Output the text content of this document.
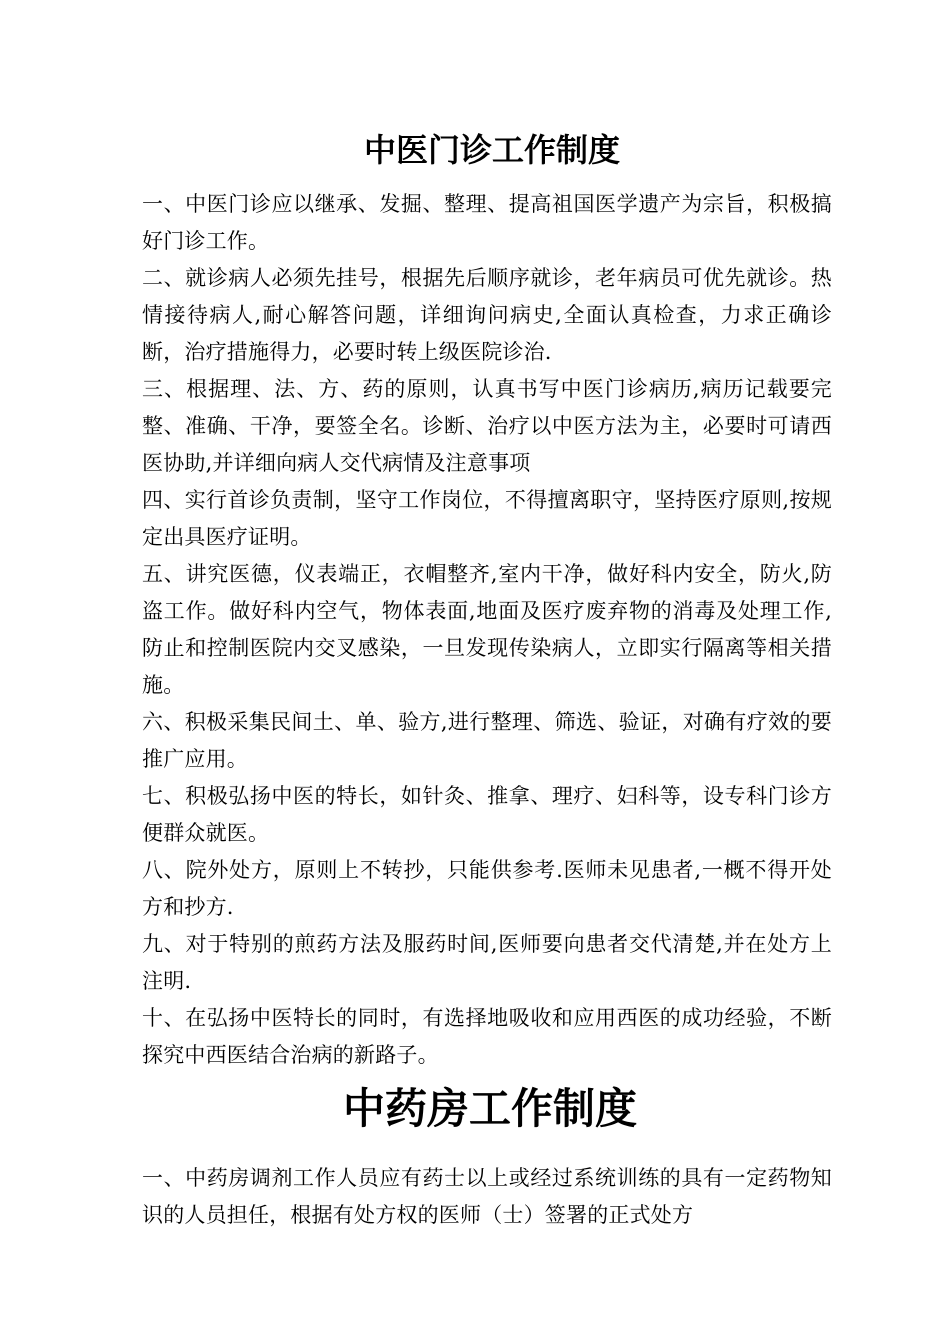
中医门诊工作制度

一、中医门诊应以继承、发掘、整理、提高祖国医学遗产为宗旨，积极搞好门诊工作。

二、就诊病人必须先挂号，根据先后顺序就诊，老年病员可优先就诊。热情接待病人,耐心解答问题，详细询问病史,全面认真检查，力求正确诊断，治疗措施得力，必要时转上级医院诊治.

三、根据理、法、方、药的原则，认真书写中医门诊病历,病历记载要完整、准确、干净，要签全名。诊断、治疗以中医方法为主，必要时可请西医协助,并详细向病人交代病情及注意事项

四、实行首诊负责制，坚守工作岗位，不得擅离职守，坚持医疗原则,按规定出具医疗证明。

五、讲究医德，仪表端正，衣帽整齐,室内干净，做好科内安全，防火,防盗工作。做好科内空气，物体表面,地面及医疗废弃物的消毒及处理工作,防止和控制医院内交叉感染，一旦发现传染病人，立即实行隔离等相关措施。

六、积极采集民间土、单、验方,进行整理、筛选、验证，对确有疗效的要推广应用。

七、积极弘扬中医的特长，如针灸、推拿、理疗、妇科等，设专科门诊方便群众就医。

八、院外处方，原则上不转抄，只能供参考.医师未见患者,一概不得开处方和抄方.

九、对于特别的煎药方法及服药时间,医师要向患者交代清楚,并在处方上注明.

十、在弘扬中医特长的同时，有选择地吸收和应用西医的成功经验，不断探究中西医结合治病的新路子。

中药房工作制度

一、中药房调剂工作人员应有药士以上或经过系统训练的具有一定药物知识的人员担任，根据有处方权的医师（士）签署的正式处方
